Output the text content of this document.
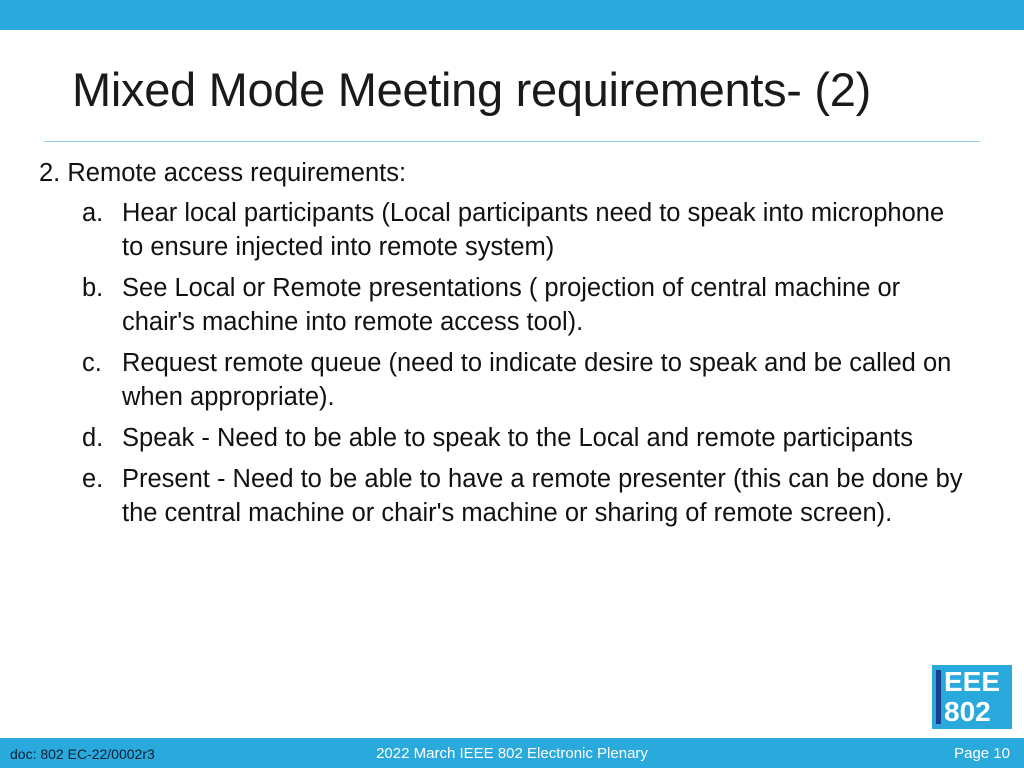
Mixed Mode Meeting requirements- (2)
2. Remote access requirements:
a. Hear local participants (Local participants need to speak into microphone to ensure injected into remote system)
b. See Local or Remote presentations ( projection of central machine or chair's machine into remote access tool).
c. Request remote queue (need to indicate desire to speak and be called on when appropriate).
d. Speak - Need to be able to speak to the Local and remote participants
e. Present - Need to be able to have a remote presenter (this can be done by the central machine or chair's machine or sharing of remote screen).
EEE
802
doc: 802 EC-22/0002r3	2022 March IEEE 802 Electronic Plenary	Page 10
